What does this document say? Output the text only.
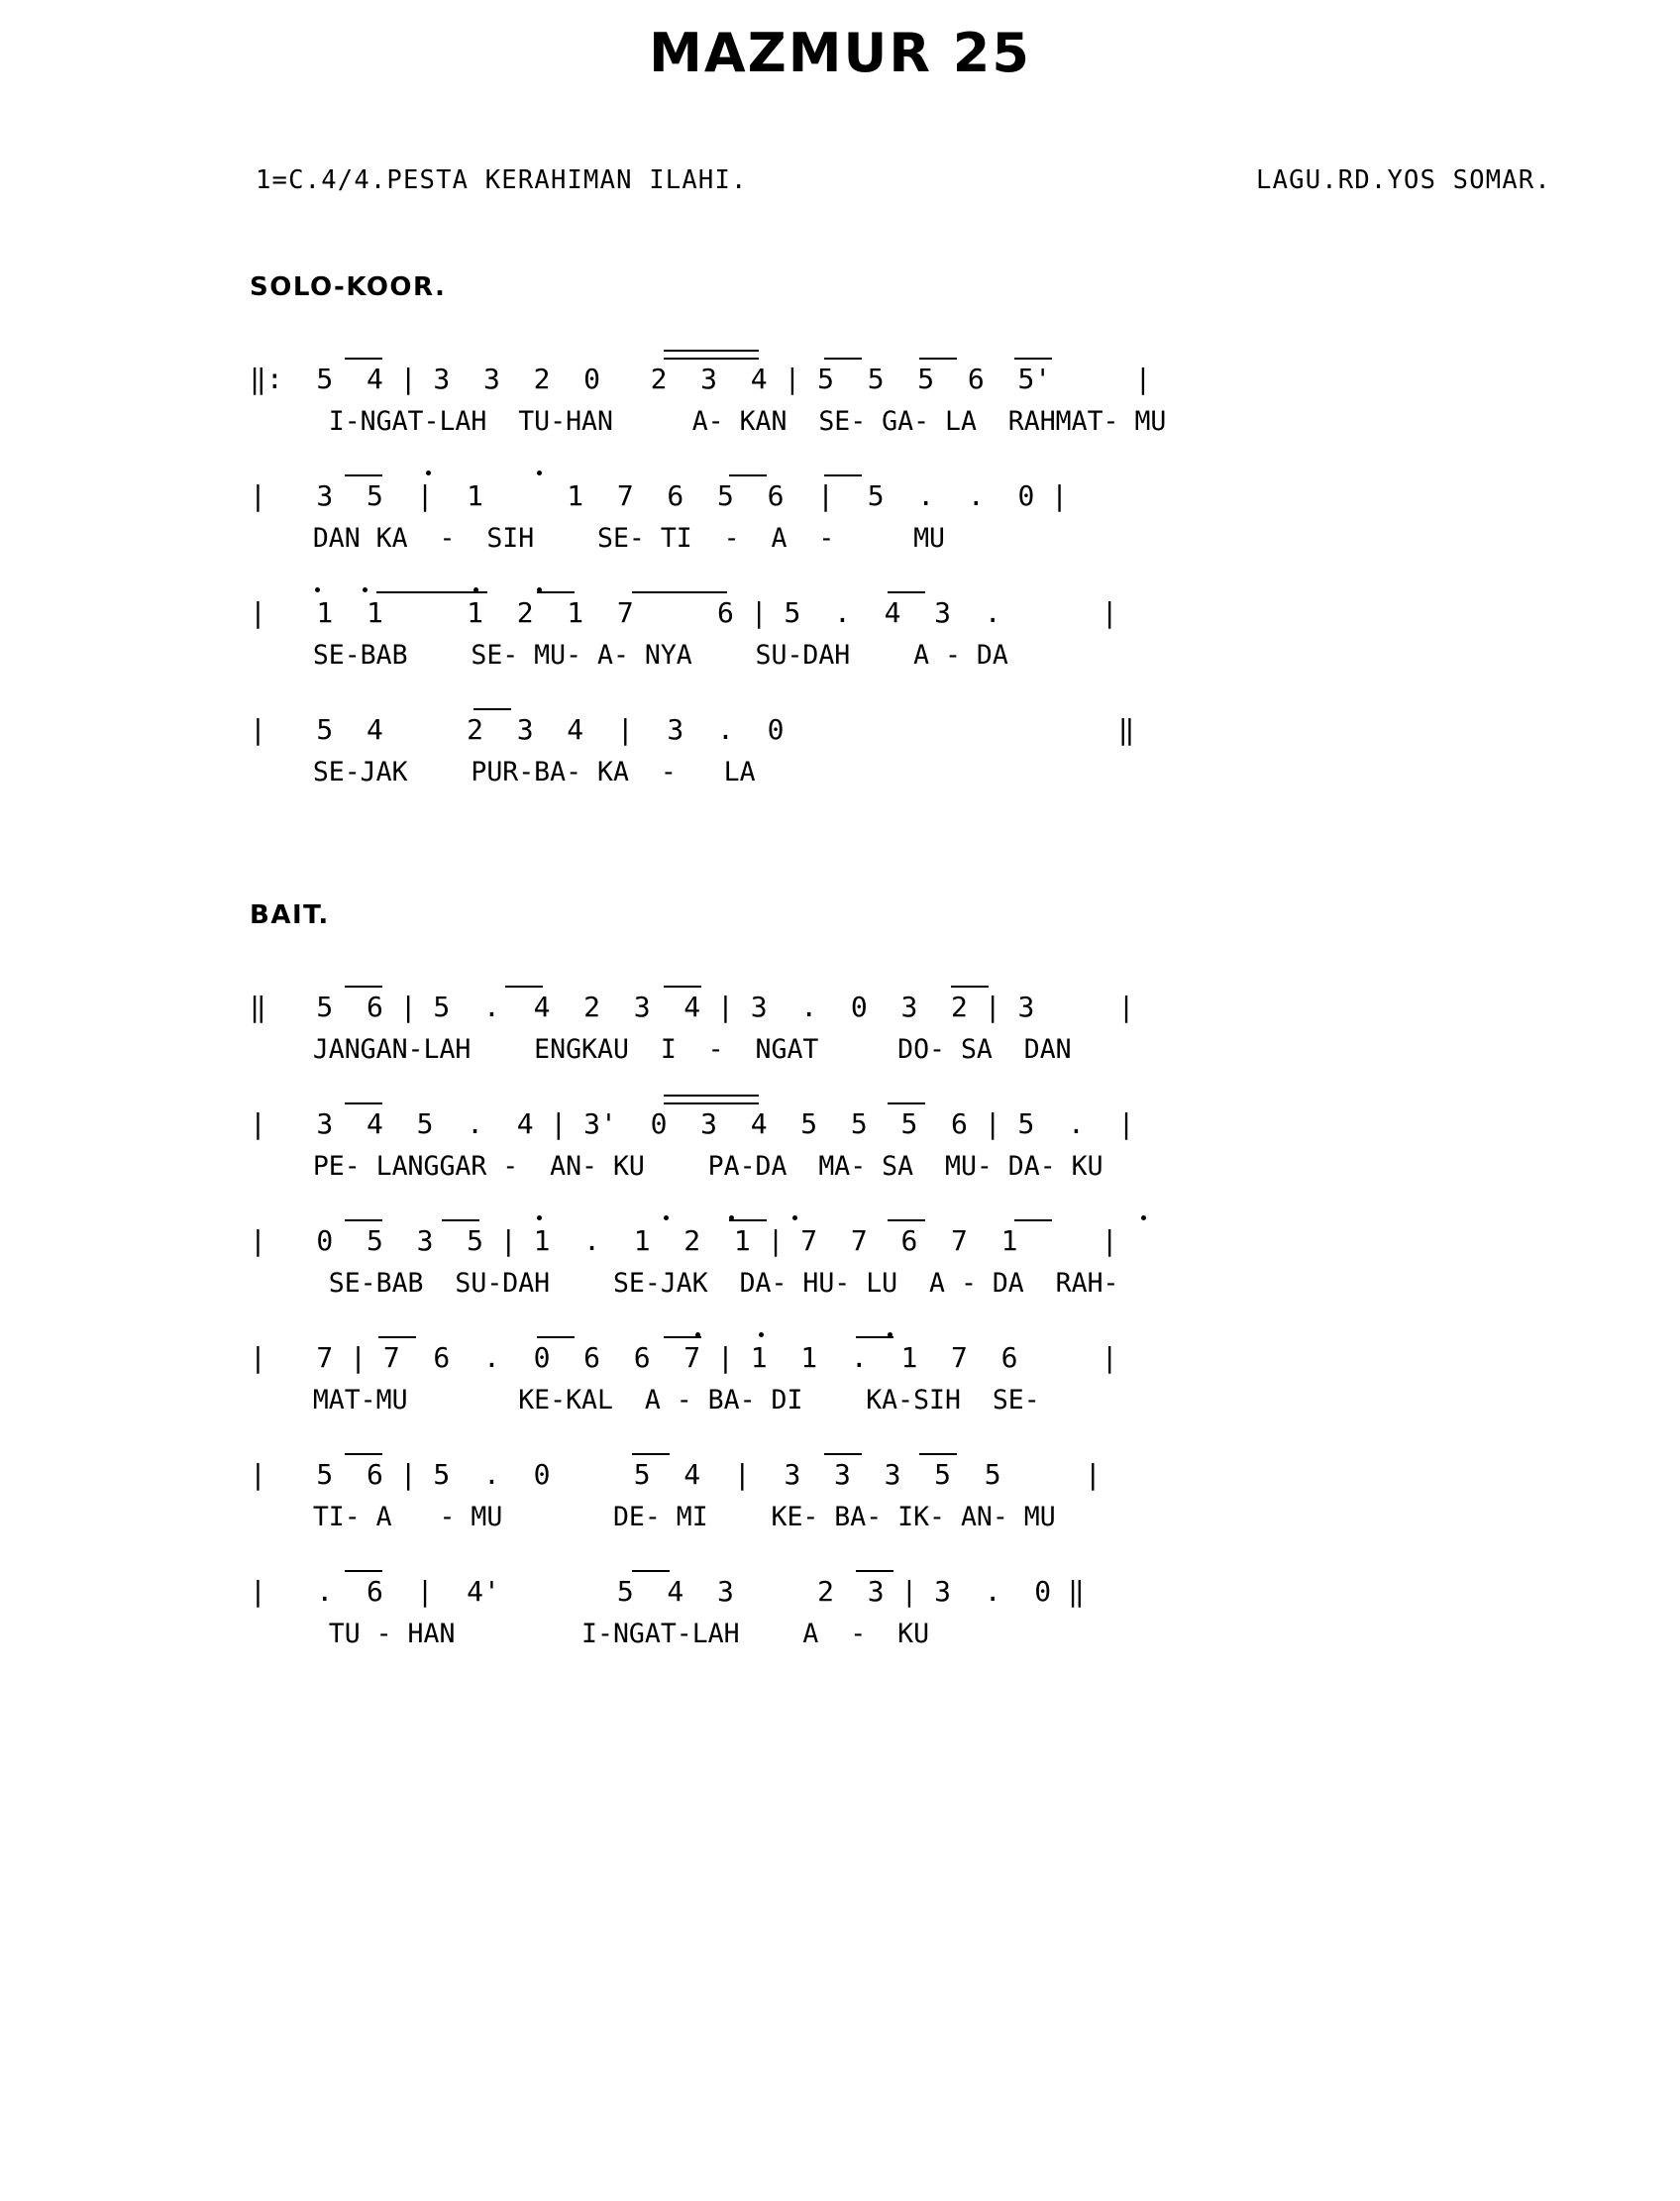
MAZMUR 25
1=C.4/4.PESTA KERAHIMAN ILAHI.	LAGU.RD.YOS SOMAR.
SOLO-KOOR.
‖:  5  4 | 3  3  2  0   2  3  4 | 5  5  5  6  5'     |
I-NGAT-LAH  TU-HAN     A- KAN  SE- GA- LA  RAHMAT- MU
|   3  5  |  1     1  7  6  5  6  |  5  .  .  0 |
DAN KA  -  SIH    SE- TI  -  A  -     MU
|   1  1     1  2  1  7     6 | 5  .  4  3  .      |
SE-BAB    SE- MU- A- NYA    SU-DAH    A - DA
|   5  4     2  3  4  |  3  .  0                    ‖
SE-JAK    PUR-BA- KA  -   LA
BAIT.
‖   5  6 | 5  .  4  2  3  4 | 3  .  0  3  2 | 3     |
JANGAN-LAH    ENGKAU  I  -  NGAT     DO- SA  DAN
|   3  4  5  .  4 | 3'  0  3  4  5  5  5  6 | 5  .  |
PE- LANGGAR -  AN- KU    PA-DA  MA- SA  MU- DA- KU
|   0  5  3  5 | 1  .  1  2  1 | 7  7  6  7  1     |
SE-BAB  SU-DAH    SE-JAK  DA- HU- LU  A - DA  RAH-
|   7 | 7  6  .  0  6  6  7 | 1  1  .  1  7  6     |
MAT-MU       KE-KAL  A - BA- DI    KA-SIH  SE-
|   5  6 | 5  .  0     5  4  |  3  3  3  5  5     |
TI- A   - MU       DE- MI    KE- BA- IK- AN- MU
|   .  6  |  4'       5  4  3     2  3 | 3  .  0 ‖
TU - HAN        I-NGAT-LAH    A  -  KU
